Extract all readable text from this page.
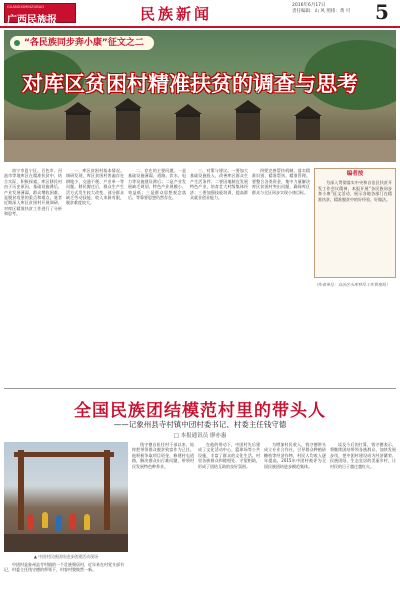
GUANGXIMINZUBAO
广西民族报	民族新闻	2016年6月17日
责任编辑：山 风 照排：黄 可 5
“各民族同步奔小康”征文之二
对库区贫困村精准扶贫的调查与思考

南宁市邕宁区、百色市、河池市等地库区在精准扶贫中，结合实际，积极探索。库区移民村由于历史原因，基础设施滞后，产业发展薄弱，群众增收困难，是脱贫攻坚的重点和难点。笔者近期深入库区贫困村开展调研，对库区精准扶贫工作进行了分析和思考。

一、库区贫困村基本情况。调研发现，库区贫困村普遍存在耕地少、交通不便、产业单一等问题。移民搬迁后，群众生产生活方式发生较大改变，部分群众缺乏劳动技能，收入来源有限，脱贫难度较大。

二、存在的主要问题。一是基础设施薄弱，道路、饮水、电力等设施建设滞后；二是产业发展缺乏规划，特色产业规模小、效益低；三是群众思想观念落后，等靠要思想仍然存在。

三、对策与建议。一要加大基础设施投入，改善库区群众生产生活条件；二要因地制宜发展特色产业，培育壮大村级集体经济；三要加强技能培训，提高群众就业创业能力。

四要完善帮扶机制，落实精准识别、精准帮扶、精准管理。要整合各类资金，集中力量解决库区贫困村突出问题，确保库区群众与全区同步实现小康目标。

编者按
为深入贯彻落实中央和自治区扶贫开发工作会议精神，本报开展“各民族同步奔小康”征文活动，展示各地各部门在精准扶贫、精准脱贫中的好经验、好做法。
（作者单位：自治区水库移民工作管理局）
全国民族团结模范村里的带头人
——记象州县寺村镇中団村委书记、村委主任钱守德
□ 本报通讯员 廖亦惠
▲ 中团村民族团结进步创建活动现场
中团村是象州县寺村镇的一个壮族聚居村，近年来在村党支部书记、村委主任钱守德的带领下，村容村貌焕然一新。

钱守德自担任村干部以来，始终把带领群众脱贫致富作为己任。他积极争取项目资金，修建村屯道路，解决群众出行难问题，带领村民发展特色种养业。

在他的带动下，中团村先后建成了文化活动中心、篮球场等公共设施，丰富了群众的文化生活。村里各族群众和睦相处、守望相助，形成了团结互助的良好氛围。

为增加村民收入，钱守德带头成立专业合作社，引导群众种植砂糖桔等经济作物，村民人均收入逐年提高，2015年中团村被评为全国民族团结进步模范集体。

谈及今后的打算，钱守德表示，将继续团结带领各族群众，加快发展步伐，把中团村建设成为经济繁荣、民族团结、生态宜居的美丽乡村，让村民的日子越过越红火。
